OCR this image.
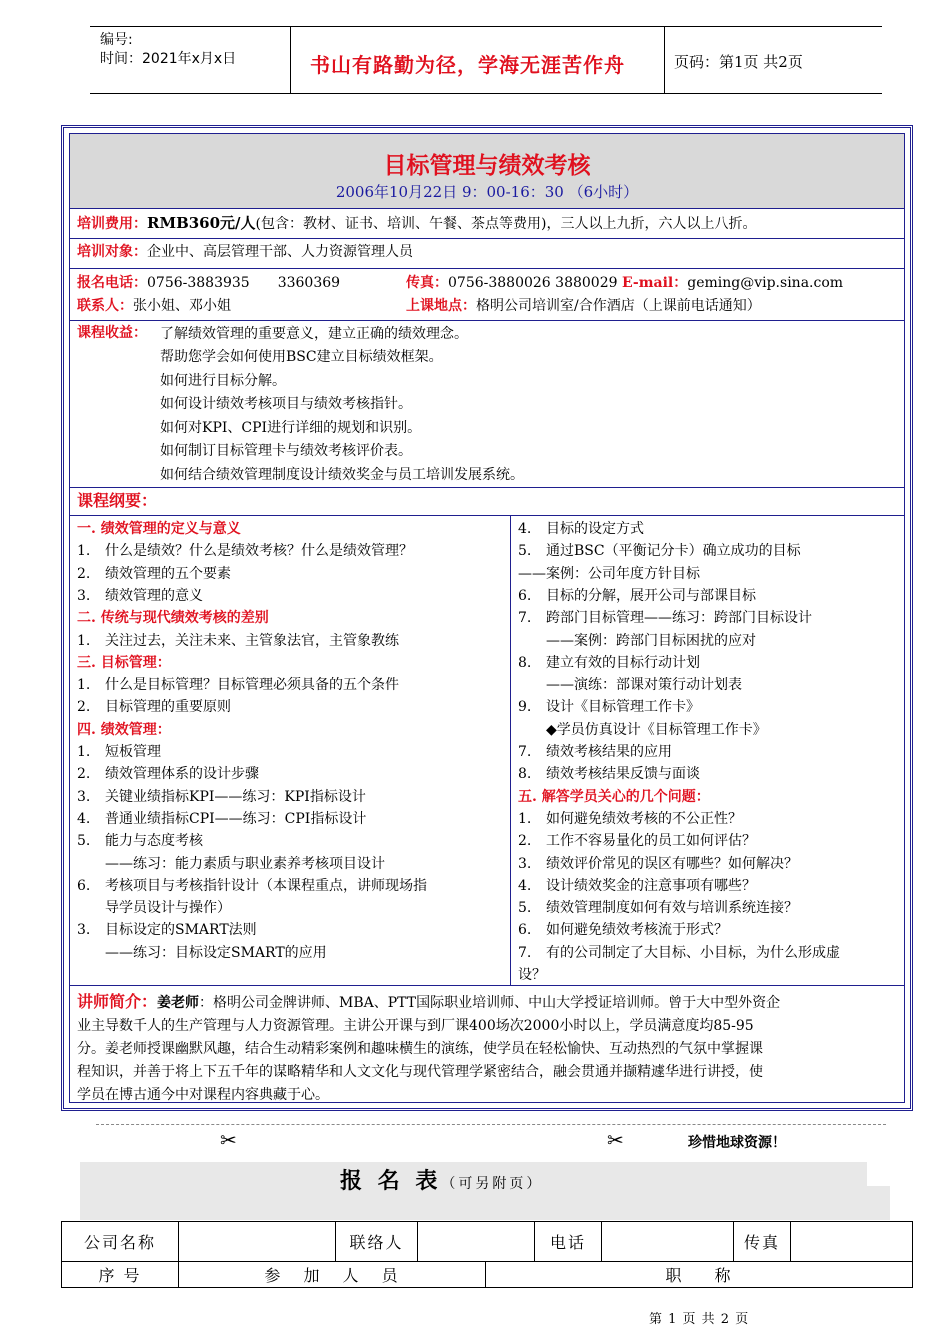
编号:
时间：2021年x月x日	书山有路勤为径，学海无涯苦作舟	页码：第1页 共2页
目标管理与绩效考核
2006年10月22日 9：00-16：30 （6小时）
培训费用：RMB360元/人(包含：教材、证书、培训、午餐、茶点等费用)，三人以上九折，六人以上八折。
培训对象：企业中、高层管理干部、人力资源管理人员
报名电话：0756-3883935　　3360369	传真：0756-3880026 3880029 E-mail：geming@vip.sina.com
联系人：张小姐、邓小姐	上课地点：格明公司培训室/合作酒店（上课前电话通知）
课程收益： 了解绩效管理的重要意义，建立正确的绩效理念。
帮助您学会如何使用BSC建立目标绩效框架。
如何进行目标分解。
如何设计绩效考核项目与绩效考核指针。
如何对KPI、CPI进行详细的规划和识别。
如何制订目标管理卡与绩效考核评价表。
如何结合绩效管理制度设计绩效奖金与员工培训发展系统。
课程纲要：
一. 绩效管理的定义与意义
1. 什么是绩效？什么是绩效考核？什么是绩效管理？
2. 绩效管理的五个要素
3. 绩效管理的意义
二. 传统与现代绩效考核的差别
1. 关注过去，关注未来、主管象法官，主管象教练
三. 目标管理：
1. 什么是目标管理？目标管理必须具备的五个条件
2. 目标管理的重要原则
四. 绩效管理：
1. 短板管理
2. 绩效管理体系的设计步骤
3. 关键业绩指标KPI——练习：KPI指标设计
4. 普通业绩指标CPI——练习：CPI指标设计
5. 能力与态度考核
——练习：能力素质与职业素养考核项目设计
6. 考核项目与考核指针设计（本课程重点，讲师现场指
导学员设计与操作）
3. 目标设定的SMART法则
——练习：目标设定SMART的应用
4. 目标的设定方式
5. 通过BSC（平衡记分卡）确立成功的目标
——案例：公司年度方针目标
6. 目标的分解，展开公司与部课目标
7. 跨部门目标管理——练习：跨部门目标设计
——案例：跨部门目标困扰的应对
8. 建立有效的目标行动计划
——演练：部课对策行动计划表
9. 设计《目标管理工作卡》
◆学员仿真设计《目标管理工作卡》
7. 绩效考核结果的应用
8. 绩效考核结果反馈与面谈
五. 解答学员关心的几个问题：
1. 如何避免绩效考核的不公正性？
2. 工作不容易量化的员工如何评估？
3. 绩效评价常见的误区有哪些？如何解决？
4. 设计绩效奖金的注意事项有哪些？
5. 绩效管理制度如何有效与培训系统连接？
6. 如何避免绩效考核流于形式？
7. 有的公司制定了大目标、小目标，为什么形成虚
设？
讲师简介：姜老师：格明公司金牌讲师、MBA、PTT国际职业培训师、中山大学授证培训师。曾于大中型外资企
业主导数千人的生产管理与人力资源管理。主讲公开课与到厂课400场次2000小时以上，学员满意度均85-95
分。姜老师授课幽默风趣，结合生动精彩案例和趣味横生的演练，使学员在轻松愉快、互动热烈的气氛中掌握课
程知识，并善于将上下五千年的谋略精华和人文文化与现代管理学紧密结合，融会贯通并撷精遽华进行讲授，使
学员在博古通今中对课程内容典藏于心。
✂	✂	珍惜地球资源！
报 名 表（可另附页）
公司名称		联络人		电话		传真	
序 号	参 加 人 员	职 称
第 1 页 共 2 页
